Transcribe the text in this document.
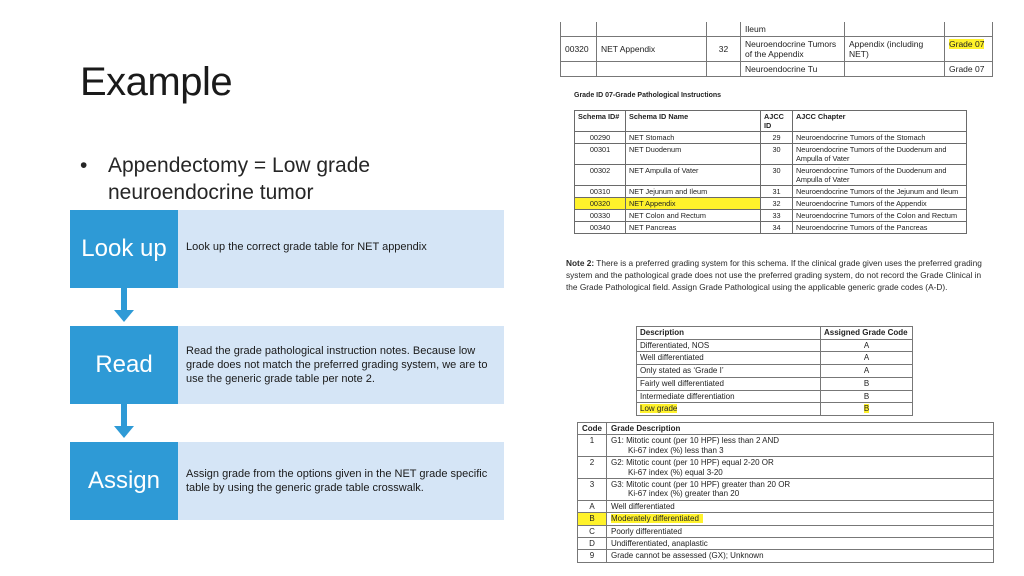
Example
• Appendectomy = Low grade neuroendocrine tumor
Look up	Look up the correct grade table for NET appendix
Read	Read the grade pathological instruction notes. Because low grade does not match the preferred grading system, we are to use the generic grade table per note 2.
Assign	Assign grade from the options given in the NET grade specific table by using the generic grade table crosswalk.
			Ileum		
00320	NET Appendix	32	Neuroendocrine Tumors of the Appendix	Appendix (including NET)	Grade 07
			Neuroendocrine Tu		Grade 07
Grade ID 07-Grade Pathological Instructions
Schema ID#	Schema ID Name	AJCC ID	AJCC Chapter
00290	NET Stomach	29	Neuroendocrine Tumors of the Stomach
00301	NET Duodenum	30	Neuroendocrine Tumors of the Duodenum and Ampulla of Vater
00302	NET Ampulla of Vater	30	Neuroendocrine Tumors of the Duodenum and Ampulla of Vater
00310	NET Jejunum and Ileum	31	Neuroendocrine Tumors of the Jejunum and Ileum
00320	NET Appendix	32	Neuroendocrine Tumors of the Appendix
00330	NET Colon and Rectum	33	Neuroendocrine Tumors of the Colon and Rectum
00340	NET Pancreas	34	Neuroendocrine Tumors of the Pancreas
Note 2: There is a preferred grading system for this schema. If the clinical grade given uses the preferred grading system and the pathological grade does not use the preferred grading system, do not record the Grade Clinical in the Grade Pathological field. Assign Grade Pathological using the applicable generic grade codes (A-D).
Description	Assigned Grade Code
Differentiated, NOS	A
Well differentiated	A
Only stated as ‘Grade I’	A
Fairly well differentiated	B
Intermediate differentiation	B
Low grade	B
Code	Grade Description
1	G1: Mitotic count (per 10 HPF) less than 2 AND
Ki-67 index (%) less than 3

2	G2: Mitotic count (per 10 HPF) equal 2-20 OR
Ki-67 index (%) equal 3-20

3	G3: Mitotic count (per 10 HPF) greater than 20 OR
Ki-67 index (%) greater than 20

A	Well differentiated
B	Moderately differentiated
C	Poorly differentiated
D	Undifferentiated, anaplastic
9	Grade cannot be assessed (GX); Unknown
